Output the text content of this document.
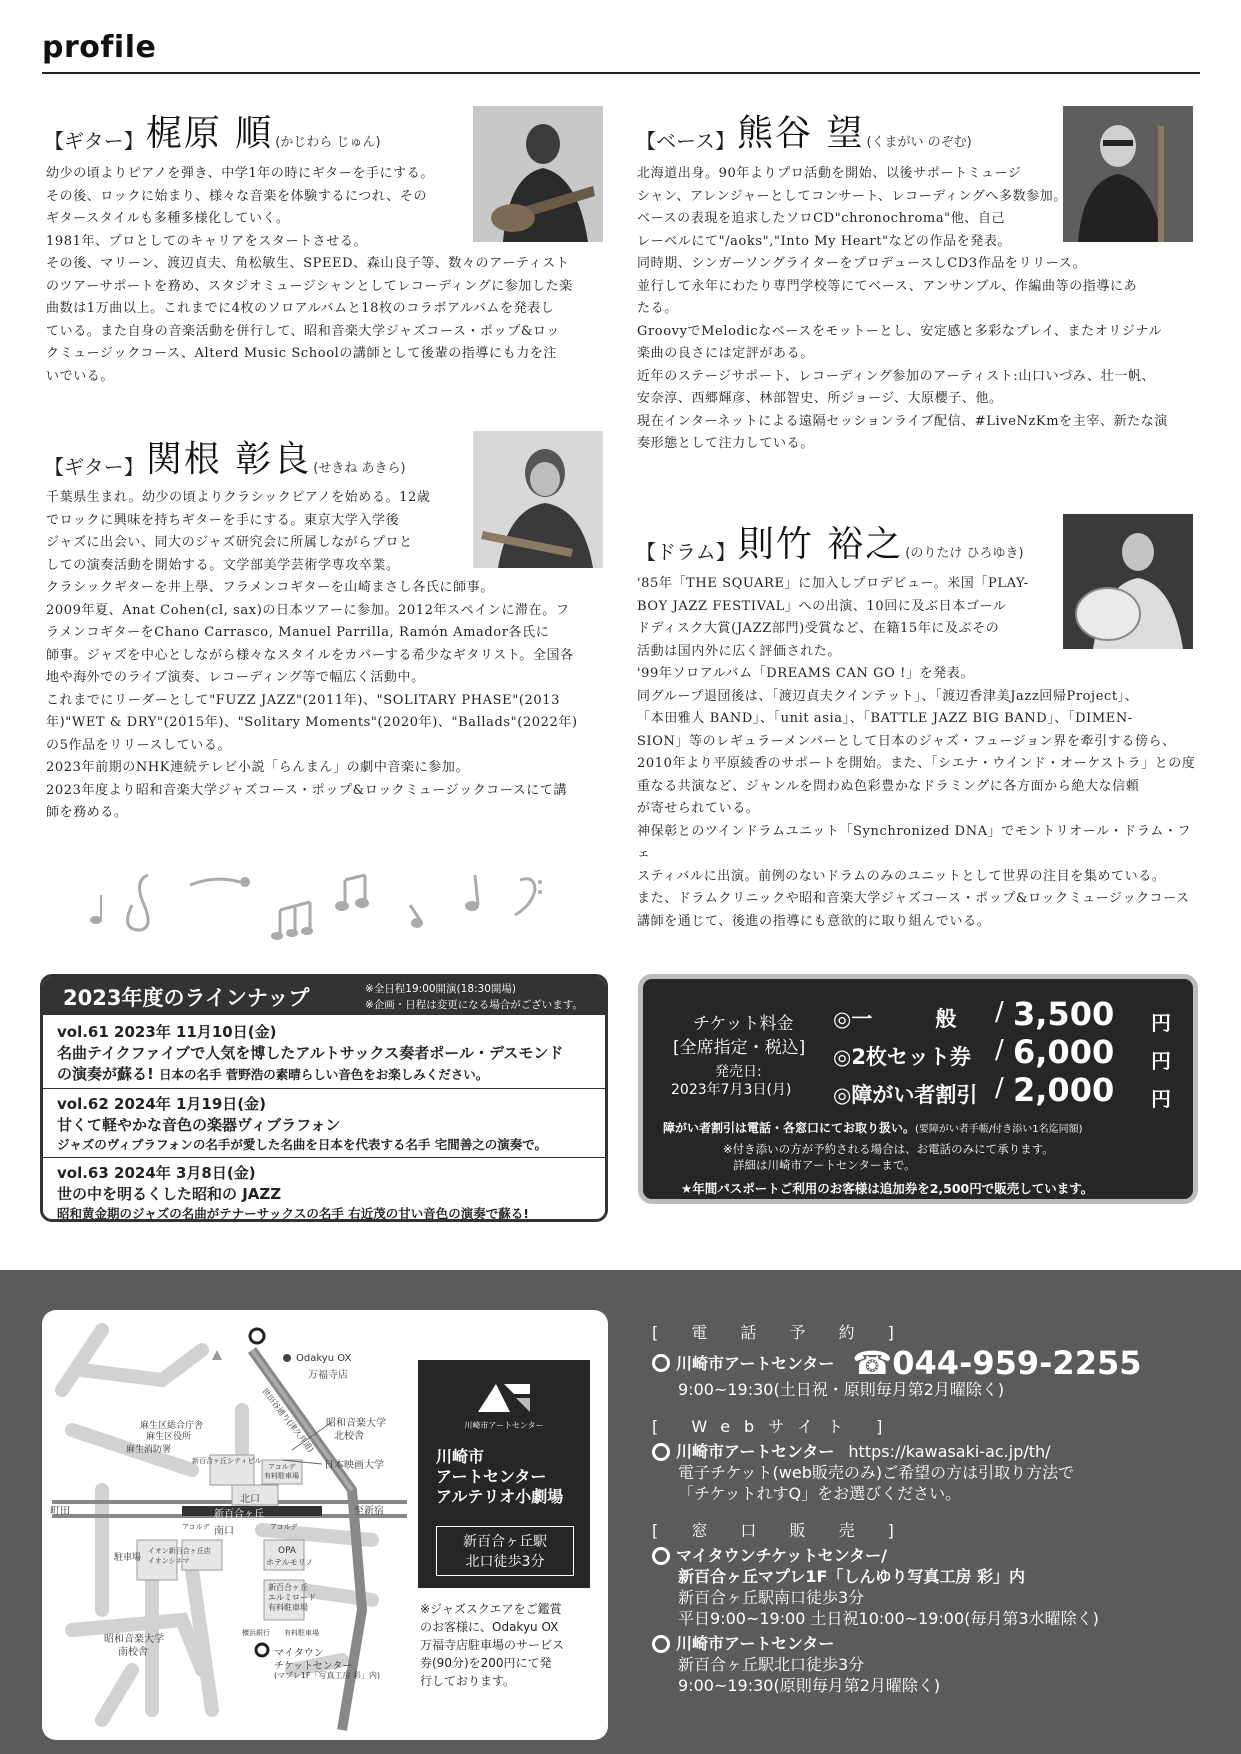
profile
【ギター】 梶原 順 (かじわら じゅん)

幼少の頃よりピアノを弾き、中学1年の時にギターを手にする。

その後、ロックに始まり、様々な音楽を体験するにつれ、その

ギタースタイルも多種多様化していく。

1981年、プロとしてのキャリアをスタートさせる。

その後、マリーン、渡辺貞夫、角松敏生、SPEED、森山良子等、数々のアーティスト

のツアーサポートを務め、スタジオミュージシャンとしてレコーディングに参加した楽

曲数は1万曲以上。これまでに4枚のソロアルバムと18枚のコラボアルバムを発表し

ている。また自身の音楽活動を併行して、昭和音楽大学ジャズコース・ポップ&ロッ

クミュージックコース、Alterd Music Schoolの講師として後輩の指導にも力を注

いでいる。

【ギター】 関根 彰良 (せきね あきら)

千葉県生まれ。幼少の頃よりクラシックピアノを始める。12歳

でロックに興味を持ちギターを手にする。東京大学入学後

ジャズに出会い、同大のジャズ研究会に所属しながらプロと

しての演奏活動を開始する。文学部美学芸術学専攻卒業。

クラシックギターを井上學、フラメンコギターを山崎まさし各氏に師事。

2009年夏、Anat Cohen(cl, sax)の日本ツアーに参加。2012年スペインに滞在。フ

ラメンコギターをChano Carrasco, Manuel Parrilla, Ramón Amador各氏に

師事。ジャズを中心としながら様々なスタイルをカバーする希少なギタリスト。全国各

地や海外でのライブ演奏、レコーディング等で幅広く活動中。

これまでにリーダーとして"FUZZ JAZZ"(2011年)、"SOLITARY PHASE"(2013

年)"WET & DRY"(2015年)、"Solitary Moments"(2020年)、"Ballads"(2022年)

の5作品をリリースしている。

2023年前期のNHK連続テレビ小説「らんまん」の劇中音楽に参加。

2023年度より昭和音楽大学ジャズコース・ポップ&ロックミュージックコースにて講

師を務める。

【ベース】 熊谷 望 (くまがい のぞむ)

北海道出身。90年よりプロ活動を開始、以後サポートミュージ

シャン、アレンジャーとしてコンサート、レコーディングへ多数参加。

ベースの表現を追求したソロCD"chronochroma"他、自己

レーベルにて"/aoks","Into My Heart"などの作品を発表。

同時期、シンガーソングライターをプロデュースしCD3作品をリリース。

並行して永年にわたり専門学校等にてベース、アンサンブル、作編曲等の指導にあ

たる。

GroovyでMelodicなベースをモットーとし、安定感と多彩なプレイ、またオリジナル

楽曲の良さには定評がある。

近年のステージサポート、レコーディング参加のアーティスト:山口いづみ、壮一帆、

安奈淳、西郷輝彦、林部智史、所ジョージ、大原櫻子、他。

現在インターネットによる遠隔セッションライブ配信、#LiveNzKmを主宰、新たな演

奏形態として注力している。

【ドラム】 則竹 裕之 (のりたけ ひろゆき)

'85年「THE SQUARE」に加入しプロデビュー。米国「PLAY-

BOY JAZZ FESTIVAL」への出演、10回に及ぶ日本ゴール

ドディスク大賞(JAZZ部門)受賞など、在籍15年に及ぶその

活動は国内外に広く評価された。

'99年ソロアルバム「DREAMS CAN GO !」を発表。

同グループ退団後は、「渡辺貞夫クインテット」、「渡辺香津美Jazz回帰Project」、

「本田雅人 BAND」、「unit asia」、「BATTLE JAZZ BIG BAND」、「DIMEN-

SION」等のレギュラーメンバーとして日本のジャズ・フュージョン界を牽引する傍ら、

2010年より平原綾香のサポートを開始。また、「シエナ・ウインド・オーケストラ」との度

重なる共演など、ジャンルを問わぬ色彩豊かなドラミングに各方面から絶大な信頼

が寄せられている。

神保彰とのツインドラムユニット「Synchronized DNA」でモントリオール・ドラム・フェ

スティバルに出演。前例のないドラムのみのユニットとして世界の注目を集めている。

また、ドラムクリニックや昭和音楽大学ジャズコース・ポップ&ロックミュージックコース

講師を通じて、後進の指導にも意欲的に取り組んでいる。

2023年度のラインナップ	※全日程19:00開演(18:30開場)
※企画・日程は変更になる場合がございます。
vol.61 2023年 11月10日(金)
名曲テイクファイブで人気を博したアルトサックス奏者ポール・デスモンド
の演奏が蘇る! 日本の名手 菅野浩の素晴らしい音色をお楽しみください。
vol.62 2024年 1月19日(金)
甘くて軽やかな音色の楽器ヴィブラフォン
ジャズのヴィブラフォンの名手が愛した名曲を日本を代表する名手 宅間善之の演奏で。
vol.63 2024年 3月8日(金)
世の中を明るくした昭和の JAZZ
昭和黄金期のジャズの名曲がテナーサックスの名手 右近茂の甘い音色の演奏で蘇る!
チケット料金
[全席指定・税込]
発売日:
2023年7月3日(月)
◎一　　　般 / 3,500 円
◎2枚セット券 / 6,000 円
◎障がい者割引 / 2,000 円
障がい者割引は電話・各窓口にてお取り扱い。(要障がい者手帳/付き添い1名迄同額)
※付き添いの方が予約される場合は、お電話のみにて承ります。
詳細は川崎市アートセンターまで。
★年間パスポートご利用のお客様は追加券を2,500円で販売しています。
Odakyu OX
万福寺店
世田谷通り(津久井道)
麻生区総合庁舎
麻生区役所
麻生消防署
昭和音楽大学
北校舎
日本映画大学
新百合ヶ丘シティビル
アコルデ
有料駐車場
町田	新百合ヶ丘	至新宿
北口
南口
アコルデ	アコルデ
駐車場
イオン新百合ヶ丘店
イオンシネマ
OPA
ホテルモリノ
新百合ヶ丘
エルミロード
有料駐車場
横浜銀行 有料駐車場
昭和音楽大学
南校舎	マイタウン
チケットセンター
(マプレ1F「写真工房 彩」内)
川崎市アートセンター
川崎市
アートセンター
アルテリオ小劇場
新百合ヶ丘駅
北口徒歩3分
※ジャズスクエアをご鑑賞
のお客様に、Odakyu OX
万福寺店駐車場のサービス
券(90分)を200円にて発
行しております。
[ 電 話 予 約 ]
川崎市アートセンター ☎044-959-2255
9:00~19:30(土日祝・原則毎月第2月曜除く)
[ Webサイト ]
川崎市アートセンター https://kawasaki-ac.jp/th/
電子チケット(web販売のみ)ご希望の方は引取り方法で
「チケットれすQ」をお選びください。
[ 窓 口 販 売 ]
マイタウンチケットセンター/
新百合ヶ丘マプレ1F「しんゆり写真工房 彩」内
新百合ヶ丘駅南口徒歩3分
平日9:00~19:00 土日祝10:00~19:00(毎月第3水曜除く)
川崎市アートセンター
新百合ヶ丘駅北口徒歩3分
9:00~19:30(原則毎月第2月曜除く)
